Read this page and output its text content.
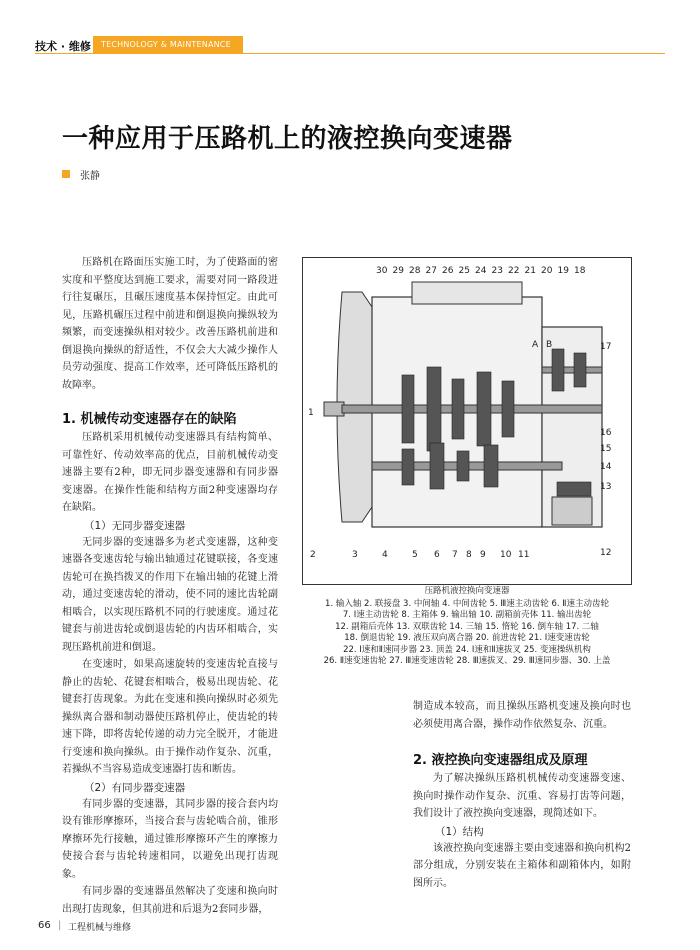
技术 · 维修	TECHNOLOGY & MAINTENANCE
一种应用于压路机上的液控换向变速器
张静

压路机在路面压实施工时，为了使路面的密实度和平整度达到施工要求，需要对同一路段进行往复碾压，且碾压速度基本保持恒定。由此可见，压路机碾压过程中前进和倒退换向操纵较为频繁，而变速操纵相对较少。改善压路机前进和倒退换向操纵的舒适性，不仅会大大减少操作人员劳动强度、提高工作效率，还可降低压路机的故障率。

1. 机械传动变速器存在的缺陷

压路机采用机械传动变速器具有结构简单、可靠性好、传动效率高的优点，目前机械传动变速器主要有2种，即无同步器变速器和有同步器变速器。在操作性能和结构方面2种变速器均存在缺陷。

（1）无同步器变速器

无同步器的变速器多为老式变速器，这种变速器各变速齿轮与输出轴通过花键联接，各变速齿轮可在换挡拨叉的作用下在输出轴的花键上滑动，通过变速齿轮的滑动，使不同的速比齿轮副相啮合，以实现压路机不同的行驶速度。通过花键套与前进齿轮或倒退齿轮的内齿环相啮合，实现压路机前进和倒退。

在变速时，如果高速旋转的变速齿轮直接与静止的齿轮、花键套相啮合，极易出现齿轮、花键套打齿现象。为此在变速和换向操纵时必须先操纵离合器和制动器使压路机停止，使齿轮的转速下降，即将齿轮传递的动力完全脱开，才能进行变速和换向操纵。由于操作动作复杂、沉重，若操纵不当容易造成变速器打齿和断齿。

（2）有同步器变速器

有同步器的变速器，其同步器的接合套内均设有锥形摩擦环，当接合套与齿轮啮合前，锥形摩擦环先行接触，通过锥形摩擦环产生的摩擦力使接合套与齿轮转速相同，以避免出现打齿现象。

有同步器的变速器虽然解决了变速和换向时出现打齿现象，但其前进和后退为2套同步器，

30 29 28 27 26 25 24 23 22 21 20 19 18
2	3	4	5 6 7 8 9 10 11
17
16
15
14
13
12
1
A B
压路机液控换向变速器
1. 输入轴 2. 联接盘 3. 中间轴 4. 中间齿轮 5. Ⅲ速主动齿轮 6. Ⅱ速主动齿轮
7. Ⅰ速主动齿轮 8. 主箱体 9. 输出轴 10. 副箱前壳体 11. 输出齿轮
12. 副箱后壳体 13. 双联齿轮 14. 三轴 15. 惰轮 16. 倒车轴 17. 二轴
18. 倒退齿轮 19. 液压双向离合器 20. 前进齿轮 21. Ⅰ速变速齿轮
22. Ⅰ速和Ⅱ速同步器 23. 顶盖 24. Ⅰ速和Ⅱ速拔叉 25. 变速操纵机构
26. Ⅱ速变速齿轮 27. Ⅲ速变速齿轮 28. Ⅲ速拔叉、29. Ⅲ速同步器、30. 上盖

制造成本较高，而且操纵压路机变速及换向时也必须使用离合器，操作动作依然复杂、沉重。

2. 液控换向变速器组成及原理

为了解决操纵压路机机械传动变速器变速、换向时操作动作复杂、沉重、容易打齿等问题，我们设计了液控换向变速器，现简述如下。

（1）结构

该液控换向变速器主要由变速器和换向机构2部分组成，分别安装在主箱体和副箱体内，如附图所示。

66 | 工程机械与维修
